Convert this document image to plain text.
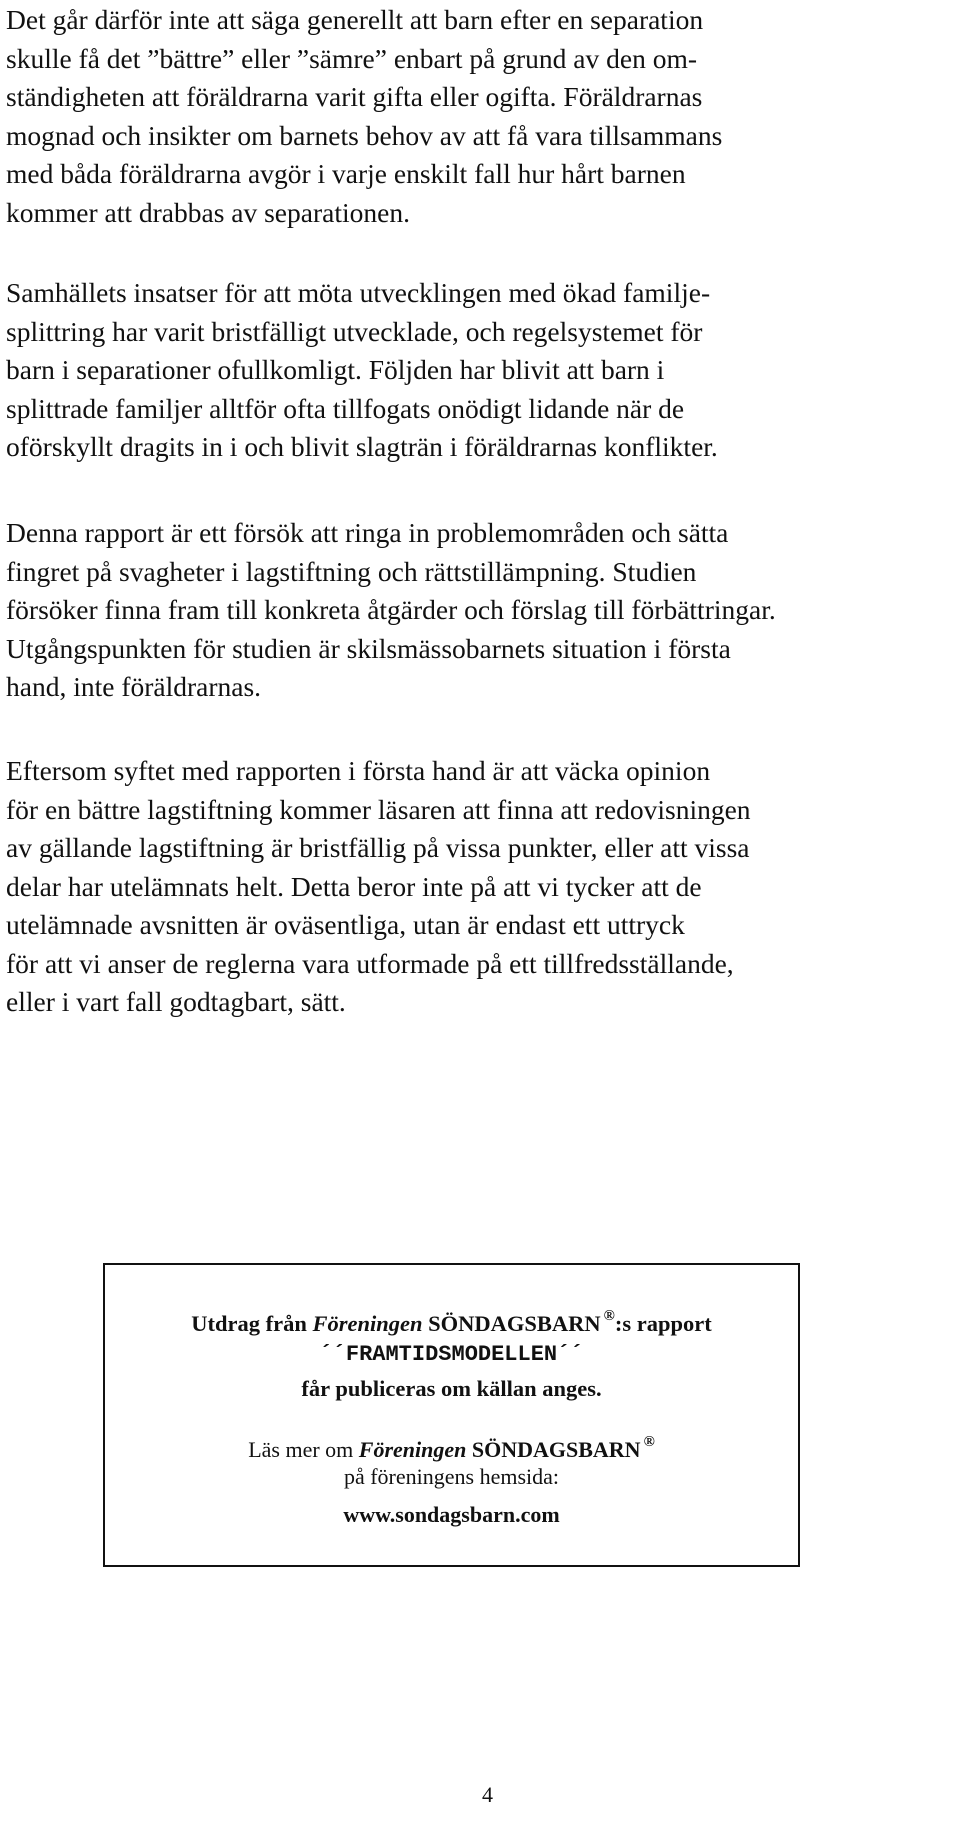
Det går därför inte att säga generellt att barn efter en separation
skulle få det ”bättre” eller ”sämre” enbart på grund av den om-
ständigheten att föräldrarna varit gifta eller ogifta. Föräldrarnas
mognad och insikter om barnets behov av att få vara tillsammans
med båda föräldrarna avgör i varje enskilt fall hur hårt barnen
kommer att drabbas av separationen.

Samhällets insatser för att möta utvecklingen med ökad familje-
splittring har varit bristfälligt utvecklade, och regelsystemet för
barn i separationer ofullkomligt. Följden har blivit att barn i
splittrade familjer alltför ofta tillfogats onödigt lidande när de
oförskyllt dragits in i och blivit slagträn i föräldrarnas konflikter.

Denna rapport är ett försök att ringa in problemområden och sätta
fingret på svagheter i lagstiftning och rättstillämpning. Studien
försöker finna fram till konkreta åtgärder och förslag till förbättringar.
Utgångspunkten för studien är skilsmässobarnets situation i första
hand, inte föräldrarnas.

Eftersom syftet med rapporten i första hand är att väcka opinion
för en bättre lagstiftning kommer läsaren att finna att redovisningen
av gällande lagstiftning är bristfällig på vissa punkter, eller att vissa
delar har utelämnats helt. Detta beror inte på att vi tycker att de
utelämnade avsnitten är oväsentliga, utan är endast ett uttryck
för att vi anser de reglerna vara utformade på ett tillfredsställande,
eller i vart fall godtagbart, sätt.

Utdrag från Föreningen SÖNDAGSBARN ®:s rapport
´´FRAMTIDSMODELLEN´´
får publiceras om källan anges.
Läs mer om Föreningen SÖNDAGSBARN ®
på föreningens hemsida:
www.sondagsbarn.com
4
